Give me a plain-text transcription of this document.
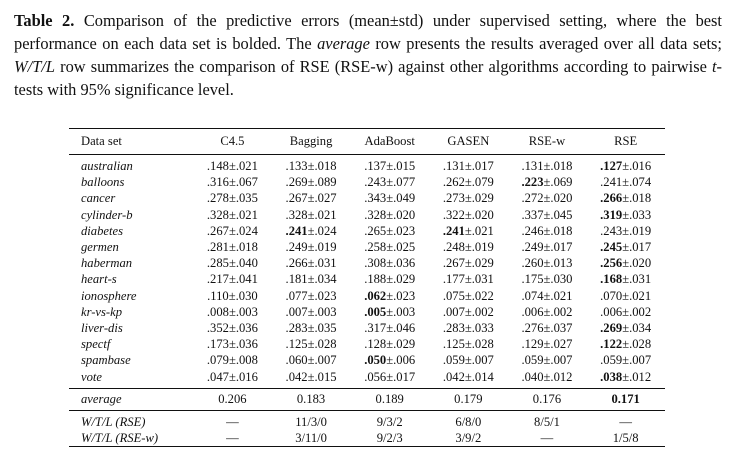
Table 2. Comparison of the predictive errors (mean±std) under supervised setting, where the best performance on each data set is bolded. The average row presents the results averaged over all data sets; W/T/L row summarizes the comparison of RSE (RSE-w) against other algorithms according to pairwise t-tests with 95% significance level.
Data set	C4.5	Bagging	AdaBoost	GASEN	RSE-w	RSE
australian	.148±.021	.133±.018	.137±.015	.131±.017	.131±.018	.127±.016
balloons	.316±.067	.269±.089	.243±.077	.262±.079	.223±.069	.241±.074
cancer	.278±.035	.267±.027	.343±.049	.273±.029	.272±.020	.266±.018
cylinder-b	.328±.021	.328±.021	.328±.020	.322±.020	.337±.045	.319±.033
diabetes	.267±.024	.241±.024	.265±.023	.241±.021	.246±.018	.243±.019
germen	.281±.018	.249±.019	.258±.025	.248±.019	.249±.017	.245±.017
haberman	.285±.040	.266±.031	.308±.036	.267±.029	.260±.013	.256±.020
heart-s	.217±.041	.181±.034	.188±.029	.177±.031	.175±.030	.168±.031
ionosphere	.110±.030	.077±.023	.062±.023	.075±.022	.074±.021	.070±.021
kr-vs-kp	.008±.003	.007±.003	.005±.003	.007±.002	.006±.002	.006±.002
liver-dis	.352±.036	.283±.035	.317±.046	.283±.033	.276±.037	.269±.034
spectf	.173±.036	.125±.028	.128±.029	.125±.028	.129±.027	.122±.028
spambase	.079±.008	.060±.007	.050±.006	.059±.007	.059±.007	.059±.007
vote	.047±.016	.042±.015	.056±.017	.042±.014	.040±.012	.038±.012
average	0.206	0.183	0.189	0.179	0.176	0.171
W/T/L (RSE)	—	11/3/0	9/3/2	6/8/0	8/5/1	—
W/T/L (RSE-w)	—	3/11/0	9/2/3	3/9/2	—	1/5/8
